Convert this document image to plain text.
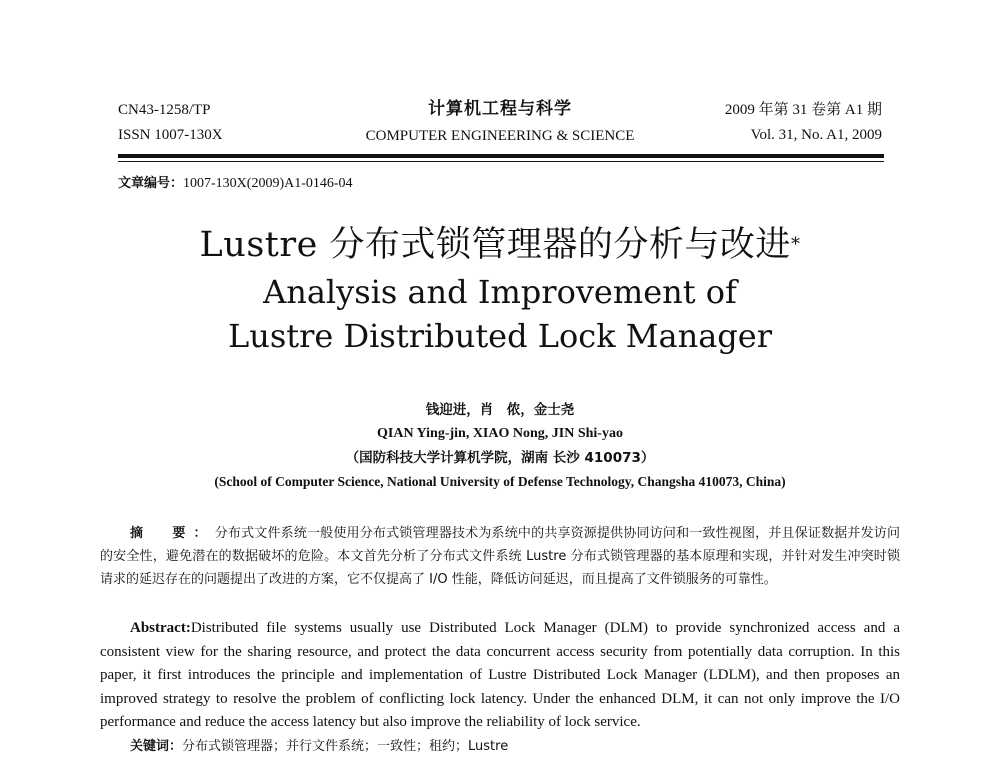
CN43-1258/TP
ISSN 1007-130X
计算机工程与科学
COMPUTER ENGINEERING & SCIENCE
2009 年第 31 卷第 A1 期
Vol. 31, No. A1, 2009
文章编号：1007-130X(2009)A1-0146-04
Lustre 分布式锁管理器的分析与改进*
Analysis and Improvement of
Lustre Distributed Lock Manager
钱迎进，肖　侬，金士尧
QIAN Ying-jin, XIAO Nong, JIN Shi-yao
（国防科技大学计算机学院，湖南 长沙 410073）
(School of Computer Science, National University of Defense Technology, Changsha 410073, China)
摘　要：分布式文件系统一般使用分布式锁管理器技术为系统中的共享资源提供协同访问和一致性视图，并且保证数据并发访问的安全性，避免潜在的数据破坏的危险。本文首先分析了分布式文件系统 Lustre 分布式锁管理器的基本原理和实现，并针对发生冲突时锁请求的延迟存在的问题提出了改进的方案，它不仅提高了 I/O 性能，降低访问延迟，而且提高了文件锁服务的可靠性。
Abstract:Distributed file systems usually use Distributed Lock Manager (DLM) to provide synchronized access and a consistent view for the sharing resource, and protect the data concurrent access security from potentially data corruption. In this paper, it first introduces the principle and implementation of Lustre Distributed Lock Manager (LDLM), and then proposes an improved strategy to resolve the problem of conflicting lock latency. Under the enhanced DLM, it can not only improve the I/O performance and reduce the access latency but also improve the reliability of lock service.
关键词：分布式锁管理器；并行文件系统；一致性；租约；Lustre
